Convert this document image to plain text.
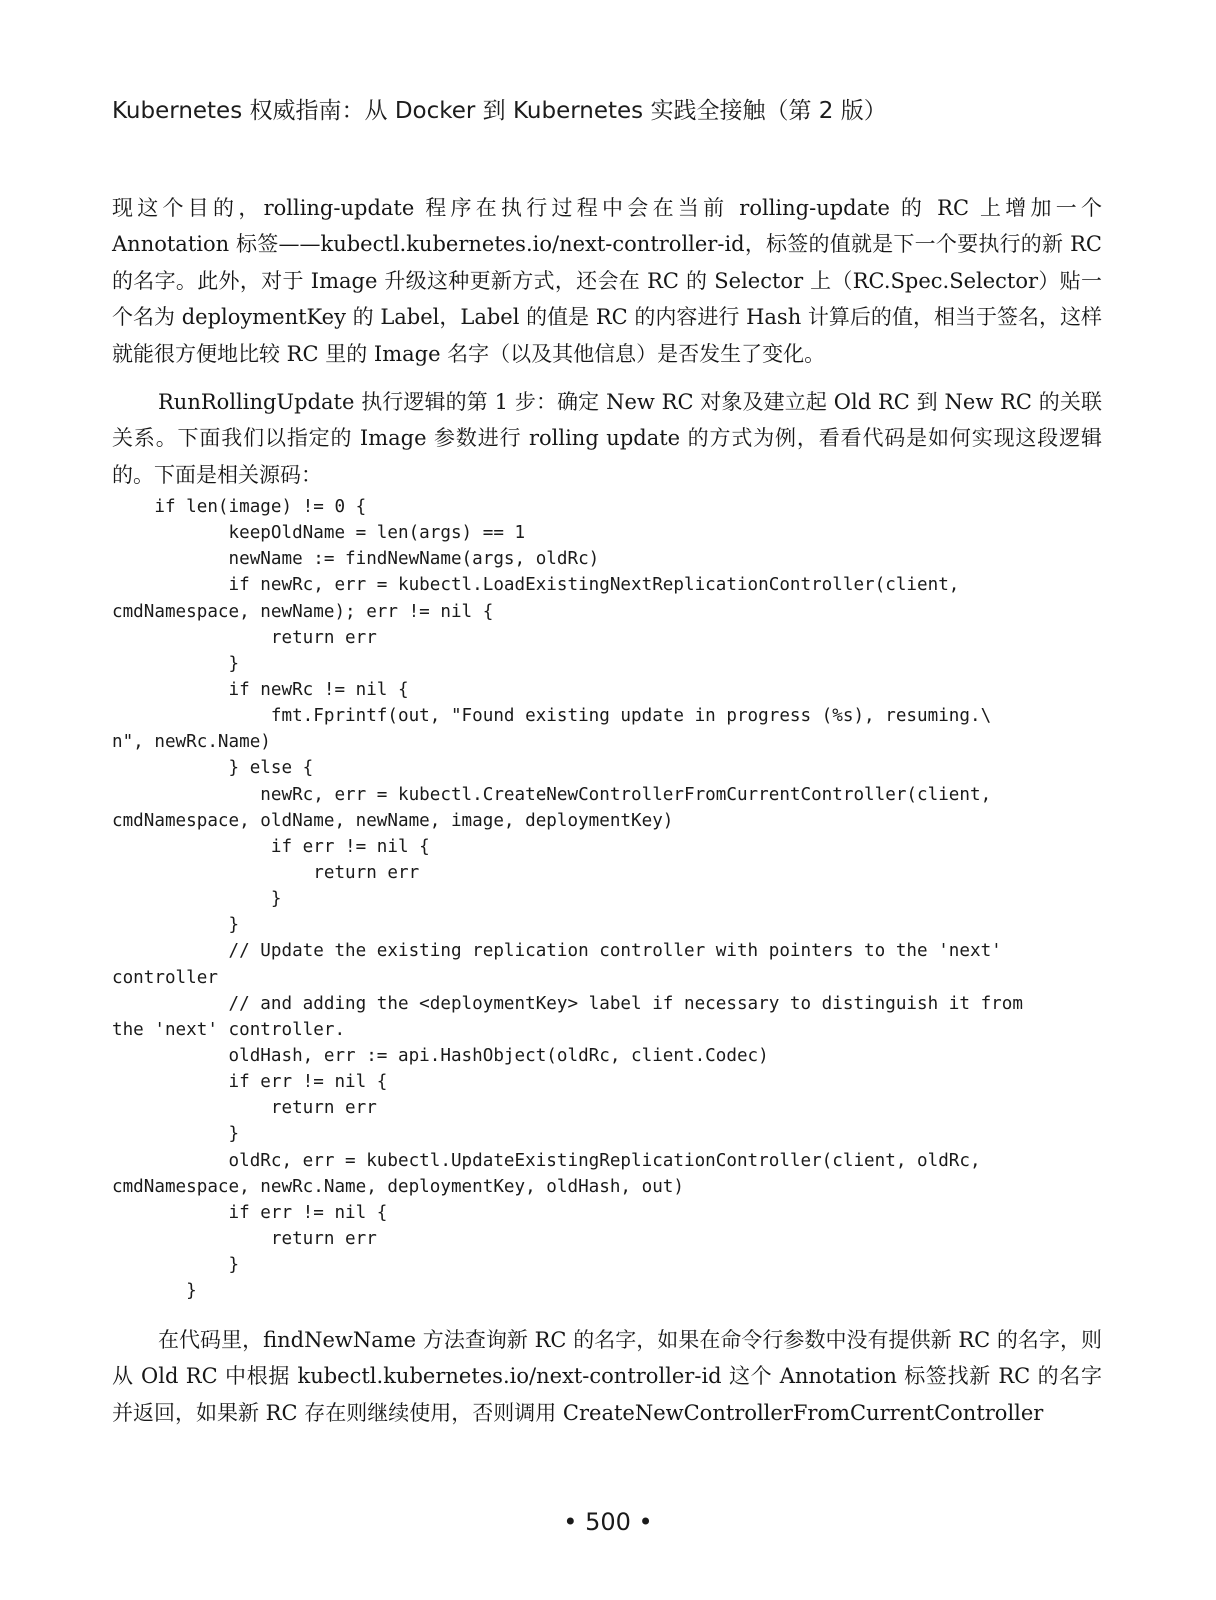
Kubernetes 权威指南：从 Docker 到 Kubernetes 实践全接触（第 2 版）

现这个目的，rolling-update 程序在执行过程中会在当前 rolling-update 的 RC 上增加一个 Annotation 标签——kubectl.kubernetes.io/next-controller-id，标签的值就是下一个要执行的新 RC 的名字。此外，对于 Image 升级这种更新方式，还会在 RC 的 Selector 上（RC.Spec.Selector）贴一个名为 deploymentKey 的 Label，Label 的值是 RC 的内容进行 Hash 计算后的值，相当于签名，这样就能很方便地比较 RC 里的 Image 名字（以及其他信息）是否发生了变化。

RunRollingUpdate 执行逻辑的第 1 步：确定 New RC 对象及建立起 Old RC 到 New RC 的关联关系。下面我们以指定的 Image 参数进行 rolling update 的方式为例，看看代码是如何实现这段逻辑的。下面是相关源码：

if len(image) != 0 {
keepOldName = len(args) == 1
newName := findNewName(args, oldRc)
if newRc, err = kubectl.LoadExistingNextReplicationController(client,
cmdNamespace, newName); err != nil {
return err
}
if newRc != nil {
fmt.Fprintf(out, "Found existing update in progress (%s), resuming.\
n", newRc.Name)
} else {
newRc, err = kubectl.CreateNewControllerFromCurrentController(client,
cmdNamespace, oldName, newName, image, deploymentKey)
if err != nil {
return err
}
}
// Update the existing replication controller with pointers to the 'next'
controller
// and adding the <deploymentKey> label if necessary to distinguish it from
the 'next' controller.
oldHash, err := api.HashObject(oldRc, client.Codec)
if err != nil {
return err
}
oldRc, err = kubectl.UpdateExistingReplicationController(client, oldRc,
cmdNamespace, newRc.Name, deploymentKey, oldHash, out)
if err != nil {
return err
}
}

在代码里，findNewName 方法查询新 RC 的名字，如果在命令行参数中没有提供新 RC 的名字，则从 Old RC 中根据 kubectl.kubernetes.io/next-controller-id 这个 Annotation 标签找新 RC 的名字并返回，如果新 RC 存在则继续使用，否则调用 CreateNewControllerFromCurrentController

• 500 •
